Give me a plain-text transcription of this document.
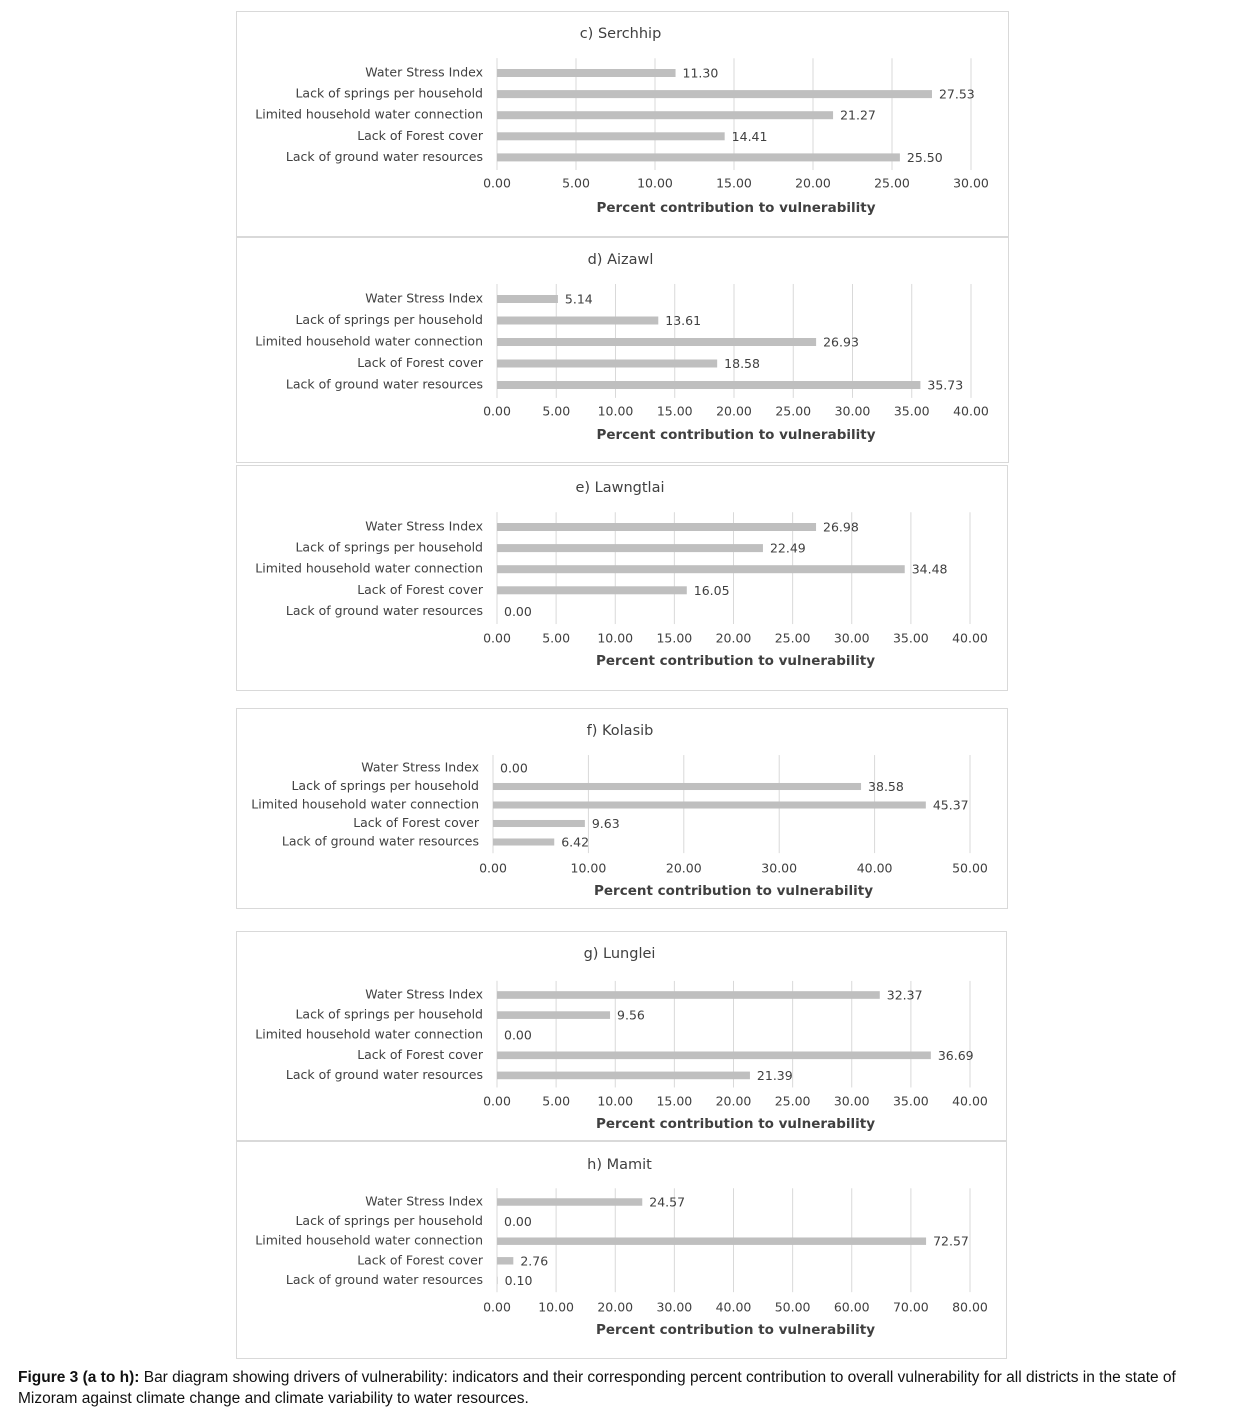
c) Serchhip
0.00	5.00	10.00	15.00	20.00	25.00	30.00
Water Stress Index	11.30
Lack of springs per household	27.53
Limited household water connection	21.27
Lack of Forest cover	14.41
Lack of ground water resources	25.50
Percent contribution to vulnerability
d) Aizawl
0.00	5.00 10.00 15.00 20.00 25.00 30.00 35.00 40.00
Water Stress Index	5.14
Lack of springs per household	13.61
Limited household water connection	26.93
Lack of Forest cover	18.58
Lack of ground water resources	35.73
Percent contribution to vulnerability
e) Lawngtlai
0.00	5.00 10.00 15.00 20.00 25.00 30.00 35.00 40.00
Water Stress Index	26.98
Lack of springs per household	22.49
Limited household water connection	34.48
Lack of Forest cover	16.05
Lack of ground water resources 0.00
Percent contribution to vulnerability
f) Kolasib
0.00	10.00	20.00	30.00	40.00	50.00
Water Stress Index 0.00
Lack of springs per household	38.58
Limited household water connection	45.37
Lack of Forest cover	9.63
Lack of ground water resources	6.42
Percent contribution to vulnerability
g) Lunglei
0.00	5.00 10.00 15.00 20.00 25.00 30.00 35.00 40.00
Water Stress Index	32.37
Lack of springs per household	9.56
Limited household water connection 0.00
Lack of Forest cover	36.69
Lack of ground water resources	21.39
Percent contribution to vulnerability
h) Mamit
0.00 10.00 20.00 30.00 40.00 50.00 60.00 70.00 80.00
Water Stress Index	24.57
Lack of springs per household 0.00
Limited household water connection	72.57
Lack of Forest cover	2.76
Lack of ground water resources 0.10
Percent contribution to vulnerability
Figure 3 (a to h): Bar diagram showing drivers of vulnerability: indicators and their corresponding percent contribution to overall vulnerability for all districts in the state of Mizoram against climate change and climate variability to water resources.
